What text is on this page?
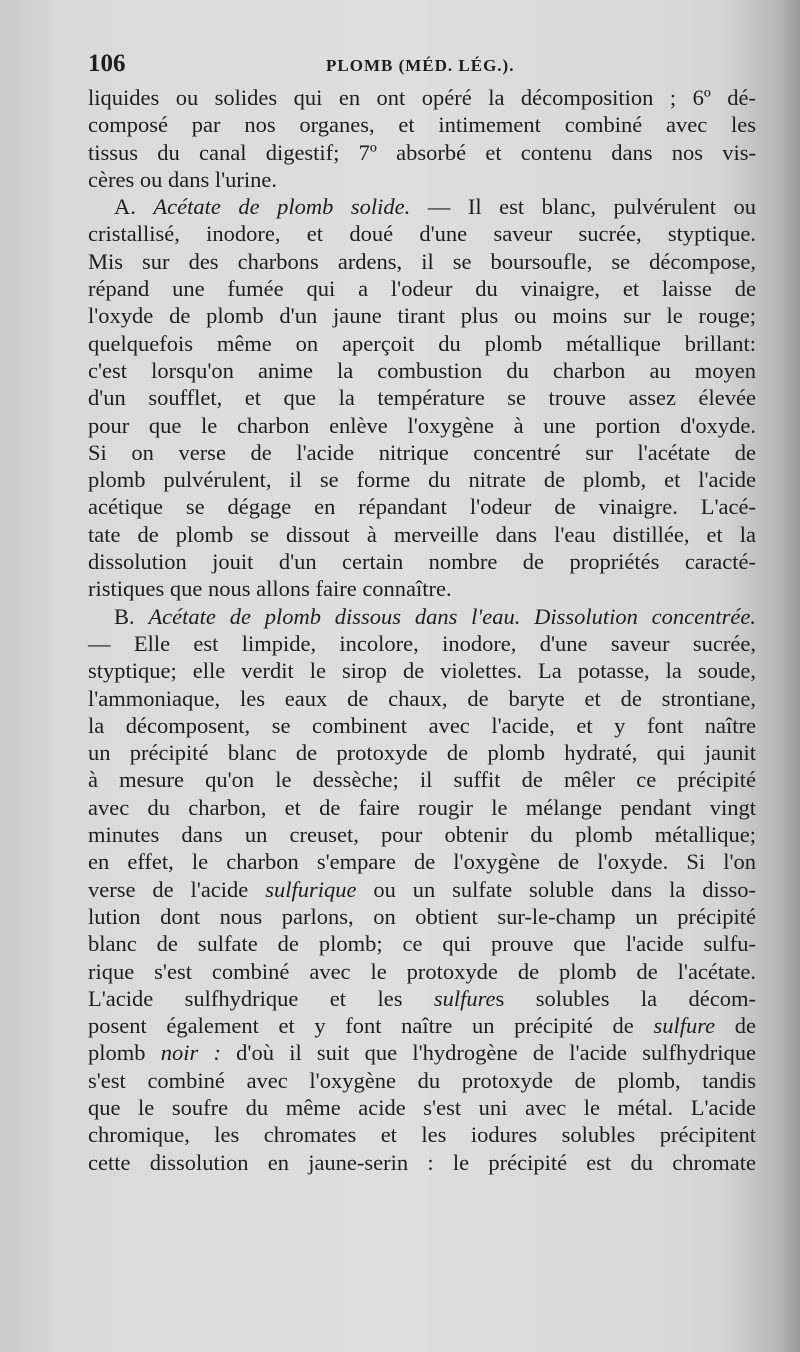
106	PLOMB (MÉD. LÉG.).
liquides ou solides qui en ont opéré la décomposition ; 6º dé-
composé par nos organes, et intimement combiné avec les
tissus du canal digestif; 7º absorbé et contenu dans nos vis-
cères ou dans l'urine.
A. Acétate de plomb solide. — Il est blanc, pulvérulent ou
cristallisé, inodore, et doué d'une saveur sucrée, styptique.
Mis sur des charbons ardens, il se boursoufle, se décompose,
répand une fumée qui a l'odeur du vinaigre, et laisse de
l'oxyde de plomb d'un jaune tirant plus ou moins sur le rouge;
quelquefois même on aperçoit du plomb métallique brillant:
c'est lorsqu'on anime la combustion du charbon au moyen
d'un soufflet, et que la température se trouve assez élevée
pour que le charbon enlève l'oxygène à une portion d'oxyde.
Si on verse de l'acide nitrique concentré sur l'acétate de
plomb pulvérulent, il se forme du nitrate de plomb, et l'acide
acétique se dégage en répandant l'odeur de vinaigre. L'acé-
tate de plomb se dissout à merveille dans l'eau distillée, et la
dissolution jouit d'un certain nombre de propriétés caracté-
ristiques que nous allons faire connaître.
B. Acétate de plomb dissous dans l'eau. Dissolution concentrée.
— Elle est limpide, incolore, inodore, d'une saveur sucrée,
styptique; elle verdit le sirop de violettes. La potasse, la soude,
l'ammoniaque, les eaux de chaux, de baryte et de strontiane,
la décomposent, se combinent avec l'acide, et y font naître
un précipité blanc de protoxyde de plomb hydraté, qui jaunit
à mesure qu'on le dessèche; il suffit de mêler ce précipité
avec du charbon, et de faire rougir le mélange pendant vingt
minutes dans un creuset, pour obtenir du plomb métallique;
en effet, le charbon s'empare de l'oxygène de l'oxyde. Si l'on
verse de l'acide sulfurique ou un sulfate soluble dans la disso-
lution dont nous parlons, on obtient sur-le-champ un précipité
blanc de sulfate de plomb; ce qui prouve que l'acide sulfu-
rique s'est combiné avec le protoxyde de plomb de l'acétate.
L'acide sulfhydrique et les sulfures solubles la décom-
posent également et y font naître un précipité de sulfure de
plomb noir : d'où il suit que l'hydrogène de l'acide sulfhydrique
s'est combiné avec l'oxygène du protoxyde de plomb, tandis
que le soufre du même acide s'est uni avec le métal. L'acide
chromique, les chromates et les iodures solubles précipitent
cette dissolution en jaune-serin : le précipité est du chromate
